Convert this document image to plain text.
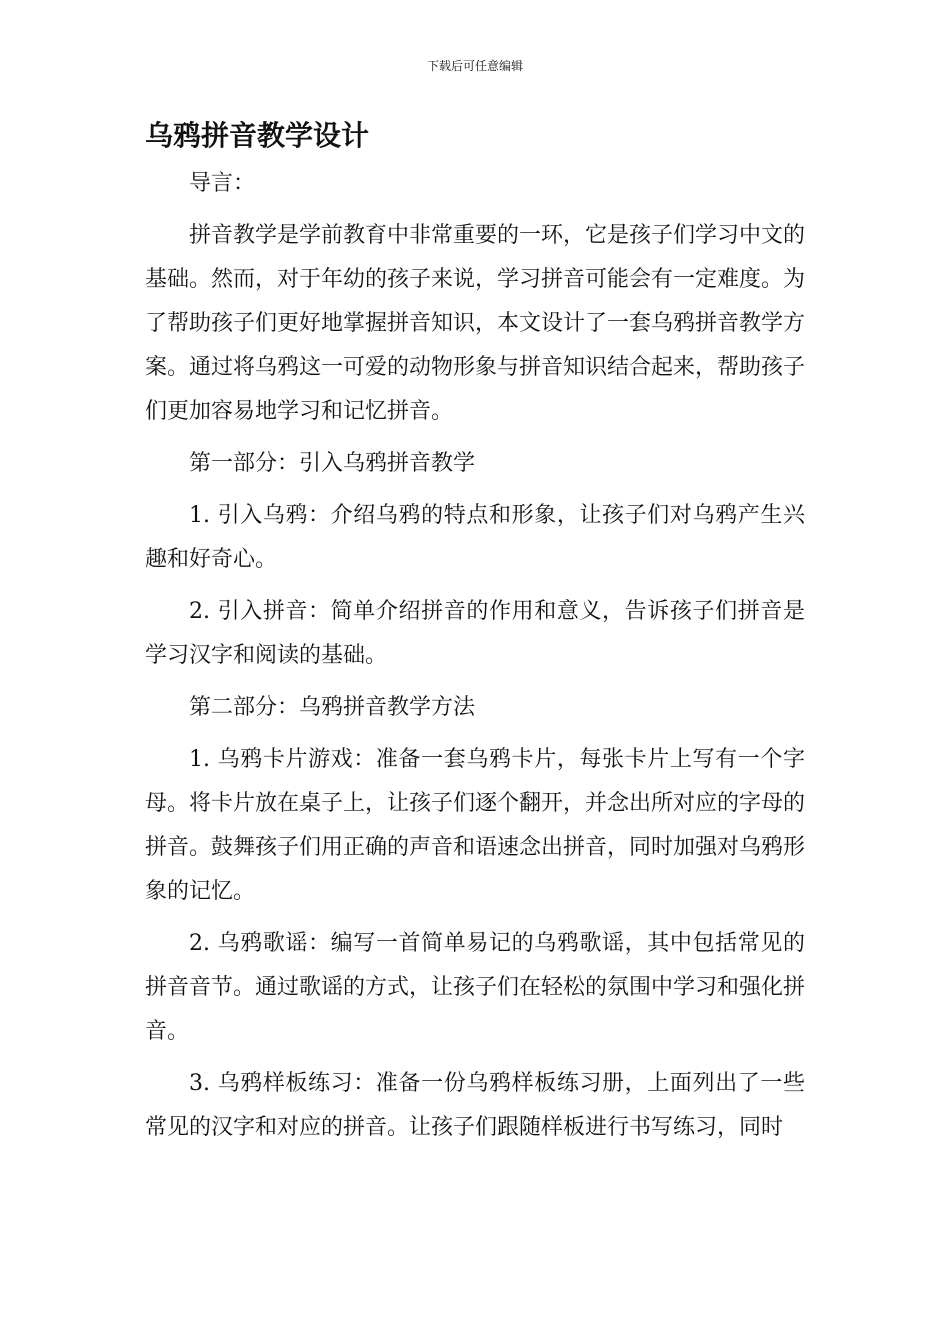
下载后可任意编辑
乌鸦拼音教学设计

导言：

拼音教学是学前教育中非常重要的一环，它是孩子们学习中文的基础。然而，对于年幼的孩子来说，学习拼音可能会有一定难度。为了帮助孩子们更好地掌握拼音知识，本文设计了一套乌鸦拼音教学方案。通过将乌鸦这一可爱的动物形象与拼音知识结合起来，帮助孩子们更加容易地学习和记忆拼音。

第一部分：引入乌鸦拼音教学

1. 引入乌鸦：介绍乌鸦的特点和形象，让孩子们对乌鸦产生兴趣和好奇心。

2. 引入拼音：简单介绍拼音的作用和意义，告诉孩子们拼音是学习汉字和阅读的基础。

第二部分：乌鸦拼音教学方法

1. 乌鸦卡片游戏：准备一套乌鸦卡片，每张卡片上写有一个字母。将卡片放在桌子上，让孩子们逐个翻开，并念出所对应的字母的拼音。鼓舞孩子们用正确的声音和语速念出拼音，同时加强对乌鸦形象的记忆。

2. 乌鸦歌谣：编写一首简单易记的乌鸦歌谣，其中包括常见的拼音音节。通过歌谣的方式，让孩子们在轻松的氛围中学习和强化拼音。

3. 乌鸦样板练习：准备一份乌鸦样板练习册，上面列出了一些常见的汉字和对应的拼音。让孩子们跟随样板进行书写练习，同时
